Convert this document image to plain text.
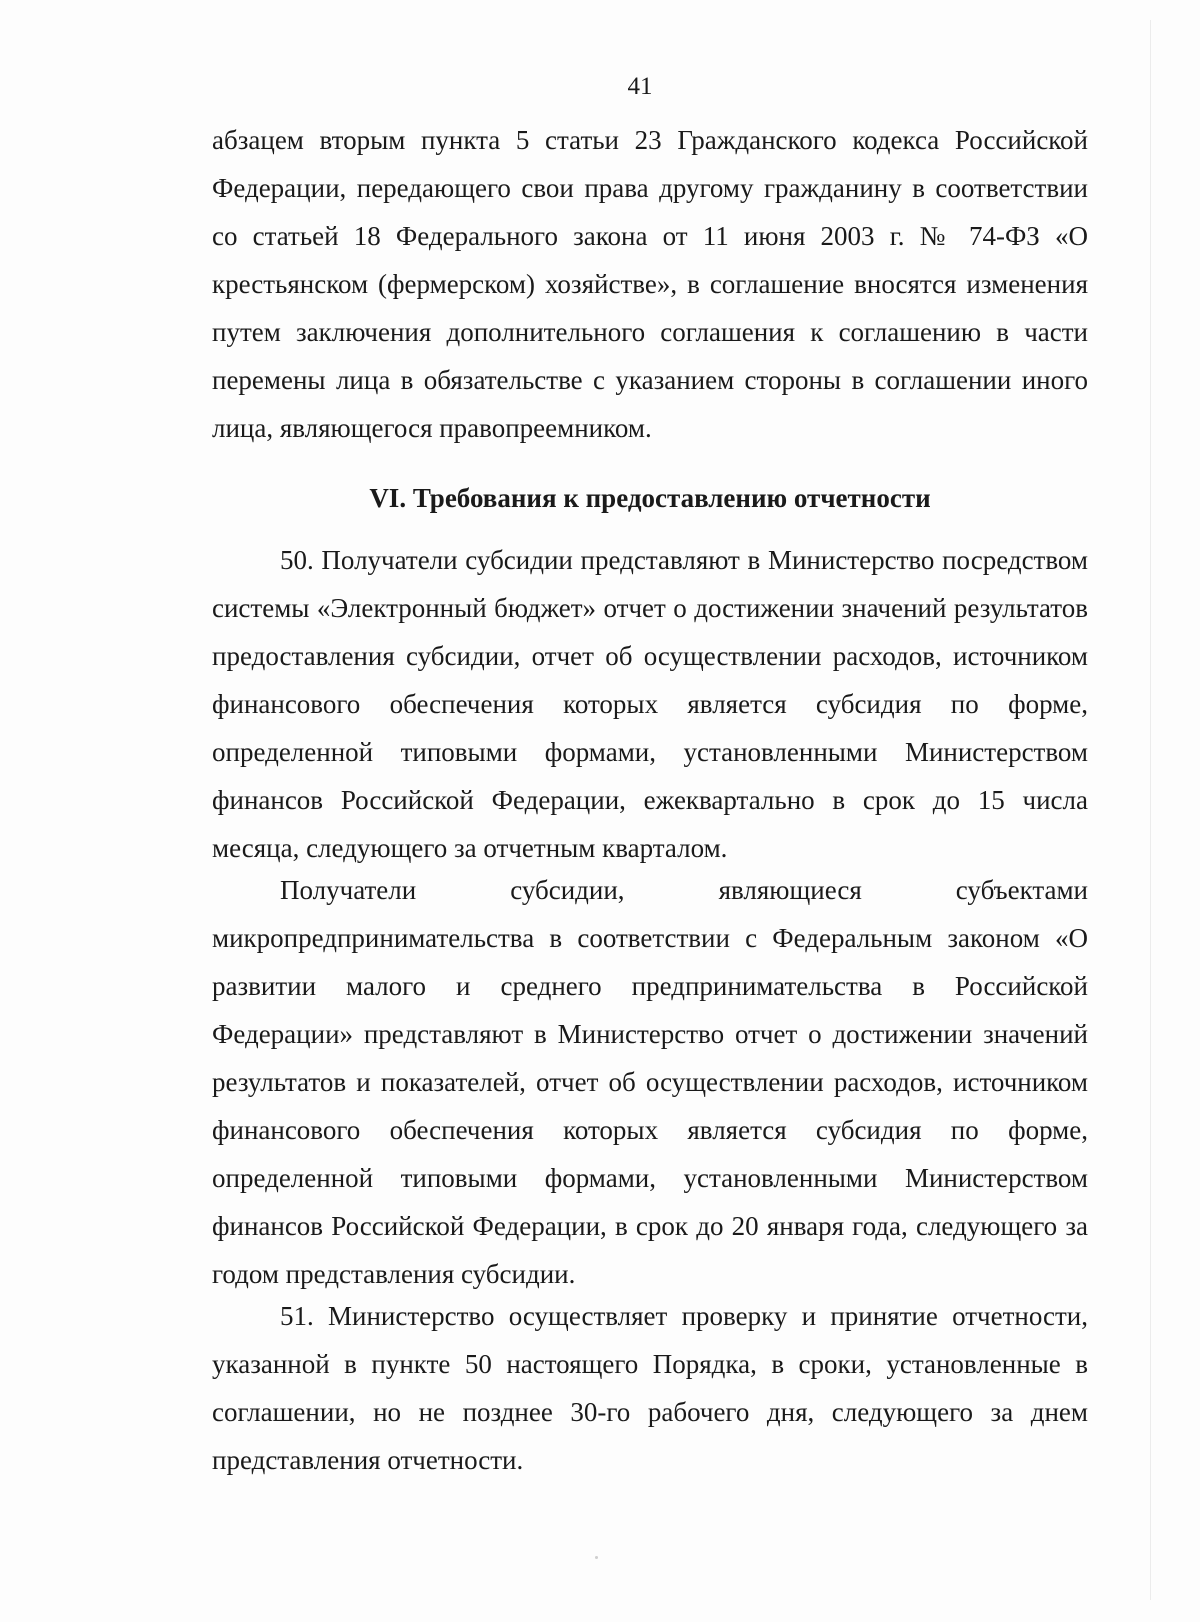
41

абзацем вторым пункта 5 статьи 23 Гражданского кодекса Российской Федерации, передающего свои права другому гражданину в соответствии со статьей 18 Федерального закона от 11 июня 2003 г. № 74-ФЗ «О крестьянском (фермерском) хозяйстве», в соглашение вносятся изменения путем заключения дополнительного соглашения к соглашению в части перемены лица в обязательстве с указанием стороны в соглашении иного лица, являющегося правопреемником.

VI. Требования к предоставлению отчетности

50. Получатели субсидии представляют в Министерство посредством системы «Электронный бюджет» отчет о достижении значений результатов предоставления субсидии, отчет об осуществлении расходов, источником финансового обеспечения которых является субсидия по форме, определенной типовыми формами, установленными Министерством финансов Российской Федерации, ежеквартально в срок до 15 числа месяца, следующего за отчетным кварталом.

Получатели субсидии, являющиеся субъектами микропредпринимательства в соответствии с Федеральным законом «О развитии малого и среднего предпринимательства в Российской Федерации» представляют в Министерство отчет о достижении значений результатов и показателей, отчет об осуществлении расходов, источником финансового обеспечения которых является субсидия по форме, определенной типовыми формами, установленными Министерством финансов Российской Федерации, в срок до 20 января года, следующего за годом представления субсидии.

51. Министерство осуществляет проверку и принятие отчетности, указанной в пункте 50 настоящего Порядка, в сроки, установленные в соглашении, но не позднее 30-го рабочего дня, следующего за днем представления отчетности.
